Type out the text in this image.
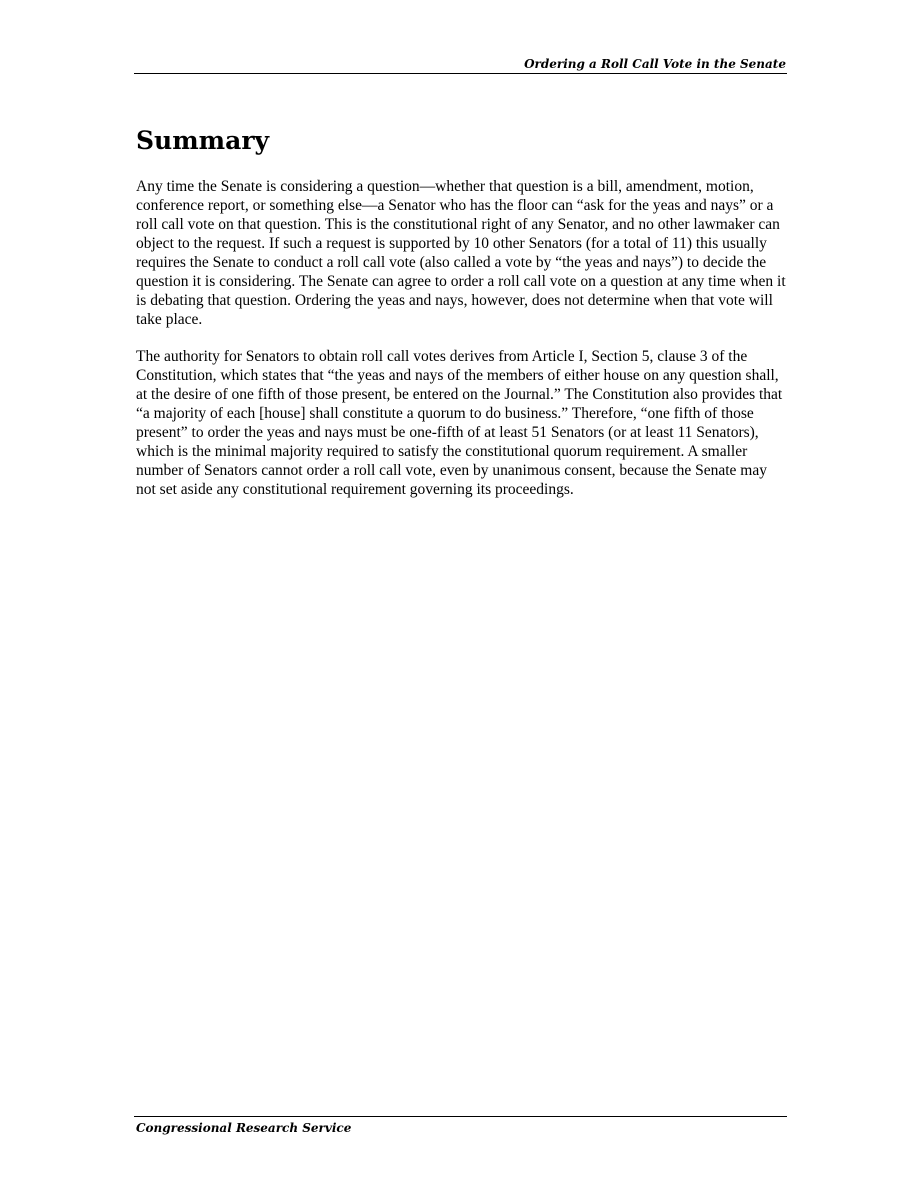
Ordering a Roll Call Vote in the Senate
Summary

Any time the Senate is considering a question—whether that question is a bill, amendment, motion, conference report, or something else—a Senator who has the floor can “ask for the yeas and nays” or a roll call vote on that question. This is the constitutional right of any Senator, and no other lawmaker can object to the request. If such a request is supported by 10 other Senators (for a total of 11) this usually requires the Senate to conduct a roll call vote (also called a vote by “the yeas and nays”) to decide the question it is considering. The Senate can agree to order a roll call vote on a question at any time when it is debating that question. Ordering the yeas and nays, however, does not determine when that vote will take place.

The authority for Senators to obtain roll call votes derives from Article I, Section 5, clause 3 of the Constitution, which states that “the yeas and nays of the members of either house on any question shall, at the desire of one fifth of those present, be entered on the Journal.” The Constitution also provides that “a majority of each [house] shall constitute a quorum to do business.” Therefore, “one fifth of those present” to order the yeas and nays must be one-fifth of at least 51 Senators (or at least 11 Senators), which is the minimal majority required to satisfy the constitutional quorum requirement. A smaller number of Senators cannot order a roll call vote, even by unanimous consent, because the Senate may not set aside any constitutional requirement governing its proceedings.

Congressional Research Service
